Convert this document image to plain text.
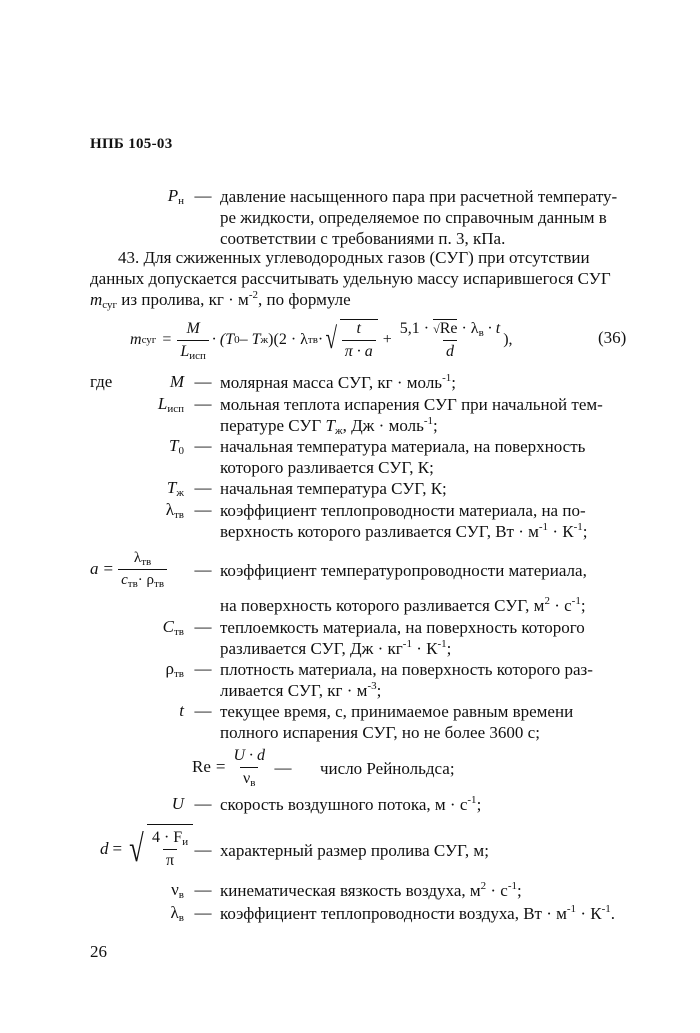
НПБ 105-03
$P_н$ — давление насыщенного пара при расчетной температу-
ре жидкости, определяемое по справочным данным в
соответствии с требованиями п. 3, кПа.
43. Для сжиженных углеводородных газов (СУГ) при отсутствии
данных допускается рассчитывать удельную массу испарившегося СУГ
$m_{суг}$ из пролива, кг · $м^{-2}$, по формуле
m суг = $\frac{M}{L_{исп}} \cdot (T$ 0 – T ж )(2 · λ тв · √ $\frac{t}{\pi \cdot a} + \frac{5,1 \cdot √Re \cdot \lambda_в \cdot t}{d}$ ),	(36)
где	M — молярная масса СУГ, кг · моль$^{-1}$;
$L_{исп}$ — мольная теплота испарения СУГ при начальной тем-
пературе СУГ $T_ж$, Дж · моль$^{-1}$;
$T_0$ — начальная температура материала, на поверхность
которого разливается СУГ, К;
$T_ж$ — начальная температура СУГ, К;
$\lambda_{тв}$ — коэффициент теплопроводности материала, на по-
верхность которого разливается СУГ, Вт · $м^{-1} \cdot К^{-1}$;
$a = \frac{\lambda_{тв}}{c_{тв}\cdot \rho_{тв}}$ — коэффициент температуропроводности материала,
на поверхность которого разливается СУГ, $м^2 \cdot с^{-1}$;
$C_{тв}$ — теплоемкость материала, на поверхность которого
разливается СУГ, Дж · $кг^{-1} \cdot К^{-1}$;
$\rho_{тв}$ — плотность материала, на поверхность которого раз-
ливается СУГ, кг · $м^{-3}$;
t — текущее время, с, принимаемое равным времени
полного испарения СУГ, но не более 3600 с;
$Re = \frac{U \cdot d}{\nu_в}$ — число Рейнольдса;
U — скорость воздушного потока, $м \cdot с^{-1}$;
d = √ $\frac{4 \cdot F_и}{\pi}$ — характерный размер пролива СУГ, м;
$\nu_в$ — кинематическая вязкость воздуха, $м^2 \cdot с^{-1}$;
$\lambda_в$ — коэффициент теплопроводности воздуха, Вт · $м^{-1} \cdot К^{-1}$.
26
